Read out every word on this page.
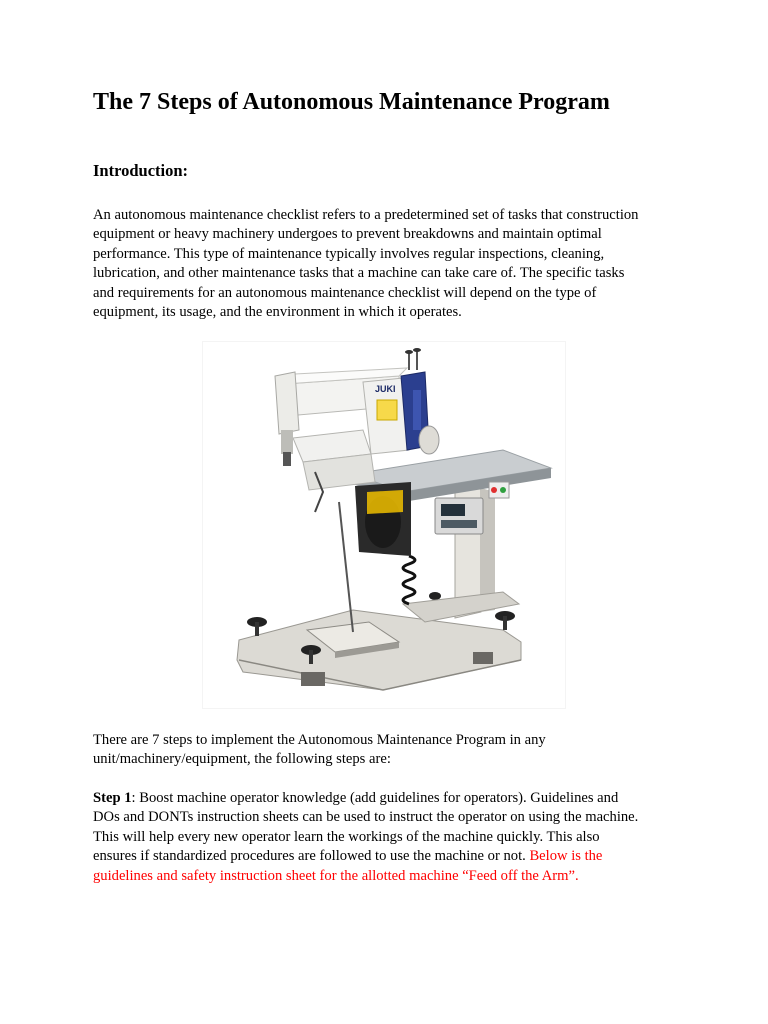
The 7 Steps of Autonomous Maintenance Program
Introduction:

An autonomous maintenance checklist refers to a predetermined set of tasks that construction
equipment or heavy machinery undergoes to prevent breakdowns and maintain optimal
performance. This type of maintenance typically involves regular inspections, cleaning,
lubrication, and other maintenance tasks that a machine can take care of. The specific tasks
and requirements for an autonomous maintenance checklist will depend on the type of
equipment, its usage, and the environment in which it operates.

JUKI

There are 7 steps to implement the Autonomous Maintenance Program in any
unit/machinery/equipment, the following steps are:

Step 1: Boost machine operator knowledge (add guidelines for operators). Guidelines and
DOs and DONTs instruction sheets can be used to instruct the operator on using the machine.
This will help every new operator learn the workings of the machine quickly. This also
ensures if standardized procedures are followed to use the machine or not. Below is the
guidelines and safety instruction sheet for the allotted machine “Feed off the Arm”.
